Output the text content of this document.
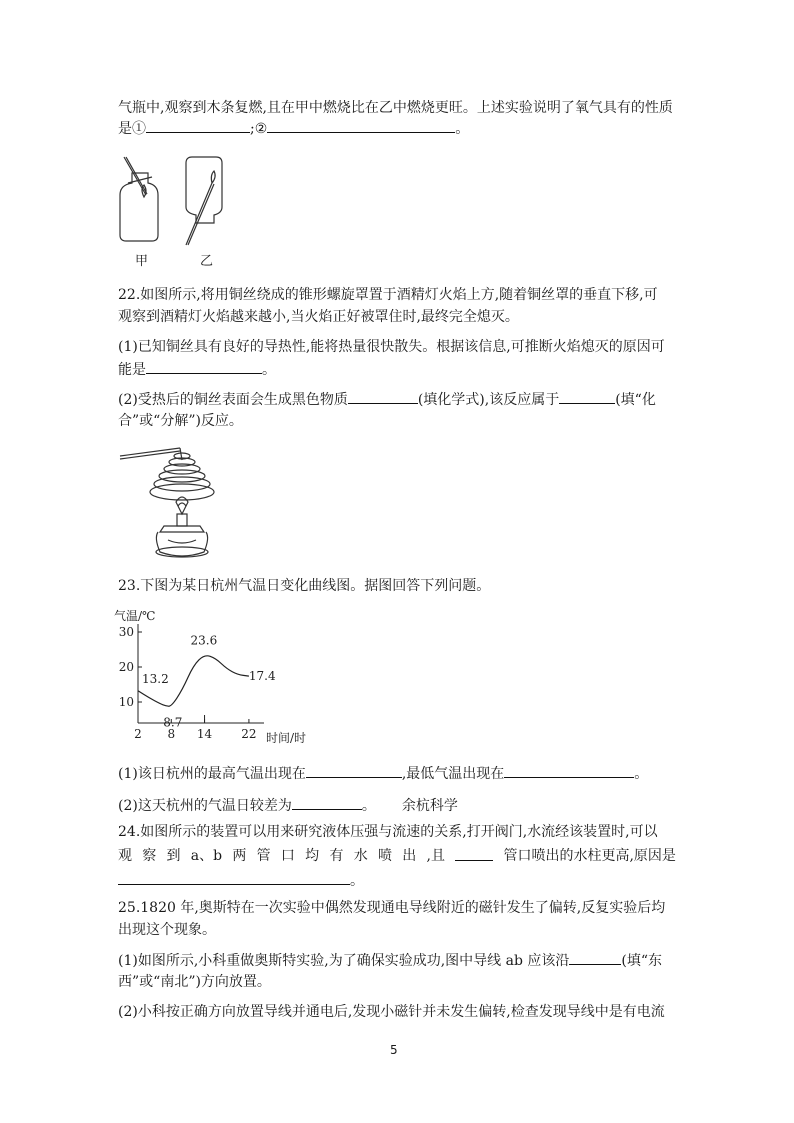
气瓶中,观察到木条复燃,且在甲中燃烧比在乙中燃烧更旺。上述实验说明了氧气具有的性质
是①	;②	。
甲	乙
22.如图所示,将用铜丝绕成的锥形螺旋罩置于酒精灯火焰上方,随着铜丝罩的垂直下移,可
观察到酒精灯火焰越来越小,当火焰正好被罩住时,最终完全熄灭。
(1)已知铜丝具有良好的导热性,能将热量很快散失。根据该信息,可推断火焰熄灭的原因可
能是	。
(2)受热后的铜丝表面会生成黑色物质	(填化学式),该反应属于	(填“化
合”或“分解”)反应。
23.下图为某日杭州气温日变化曲线图。据图回答下列问题。
气温/℃
时间/时
10
20
30
2 8 14 22
13.2
8.7
23.6
17.4
(1)该日杭州的最高气温出现在	,最低气温出现在	。
(2)这天杭州的气温日较差为	。 余杭科学
24.如图所示的装置可以用来研究液体压强与流速的关系,打开阀门,水流经该装置时,可以
观 察 到 a、b 两 管 口 均 有 水 喷 出 ,且	管口喷出的水柱更高,原因是
。
25.1820 年,奥斯特在一次实验中偶然发现通电导线附近的磁针发生了偏转,反复实验后均
出现这个现象。
(1)如图所示,小科重做奥斯特实验,为了确保实验成功,图中导线 ab 应该沿	(填“东
西”或“南北”)方向放置。
(2)小科按正确方向放置导线并通电后,发现小磁针并未发生偏转,检查发现导线中是有电流
5
